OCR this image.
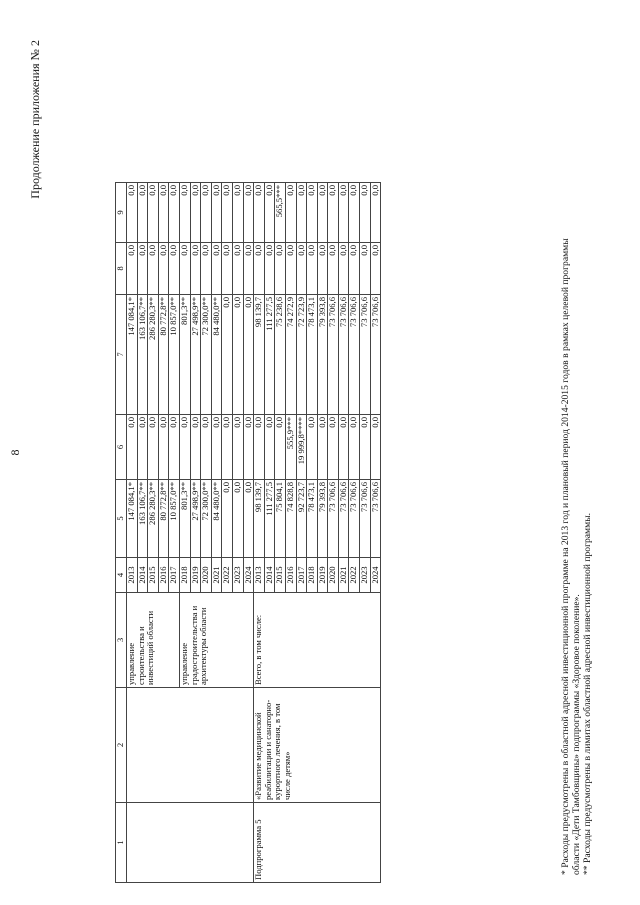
8
Продолжение приложения № 2
1	2	3	4	5	6	7	8	9
		управление строительства и инвестиций области	2013	147 084,1*	0,0	147 084,1*	0,0	0,0
			2014	163 106,7**	0,0	163 106,7**	0,0	0,0
			2015	286 280,3**	0,0	286 280,3**	0,0	0,0
			2016	80 772,8**	0,0	80 772,8**	0,0	0,0
			2017	10 857,0**	0,0	10 857,0**	0,0	0,0
		управление градостроительства и архитектуры области	2018	801,3**	0,0	801,3**	0,0	0,0
			2019	27 498,9**	0,0	27 498,9**	0,0	0,0
			2020	72 300,0**	0,0	72 300,0**	0,0	0,0
			2021	84 480,0**	0,0	84 480,0**	0,0	0,0
			2022	0,0	0,0	0,0	0,0	0,0
			2023	0,0	0,0	0,0	0,0	0,0
			2024	0,0	0,0	0,0	0,0	0,0
Подпрограмма 5	«Развитие медицинской реабилитации и санаторно-курортного лечения, в том числе детям»	Всего, в том числе:	2013	98 139,7	0,0	98 139,7	0,0	0,0
			2014	111 277,5	0,0	111 277,5	0,0	0,0
			2015	75 804,1	0,0	75 238,6	0,0	565,5***
			2016	74 828,8	555,9***	74 272,9	0,0	0,0
			2017	92 723,7	19 999,8****	72 723,9	0,0	0,0
			2018	78 473,1	0,0	78 473,1	0,0	0,0
			2019	79 393,8	0,0	79 393,8	0,0	0,0
			2020	73 706,6	0,0	73 706,6	0,0	0,0
			2021	73 706,6	0,0	73 706,6	0,0	0,0
			2022	73 706,6	0,0	73 706,6	0,0	0,0
			2023	73 706,6	0,0	73 706,6	0,0	0,0
			2024	73 706,6	0,0	73 706,6	0,0	0,0
* Расходы предусмотрены в областной адресной инвестиционной программе на 2013 год и плановый период 2014-2015 годов в рамках целевой программы области «Дети Тамбовщины» подпрограммы «Здоровое поколение». ** Расходы предусмотрены в лимитах областной адресной инвестиционной программы.
